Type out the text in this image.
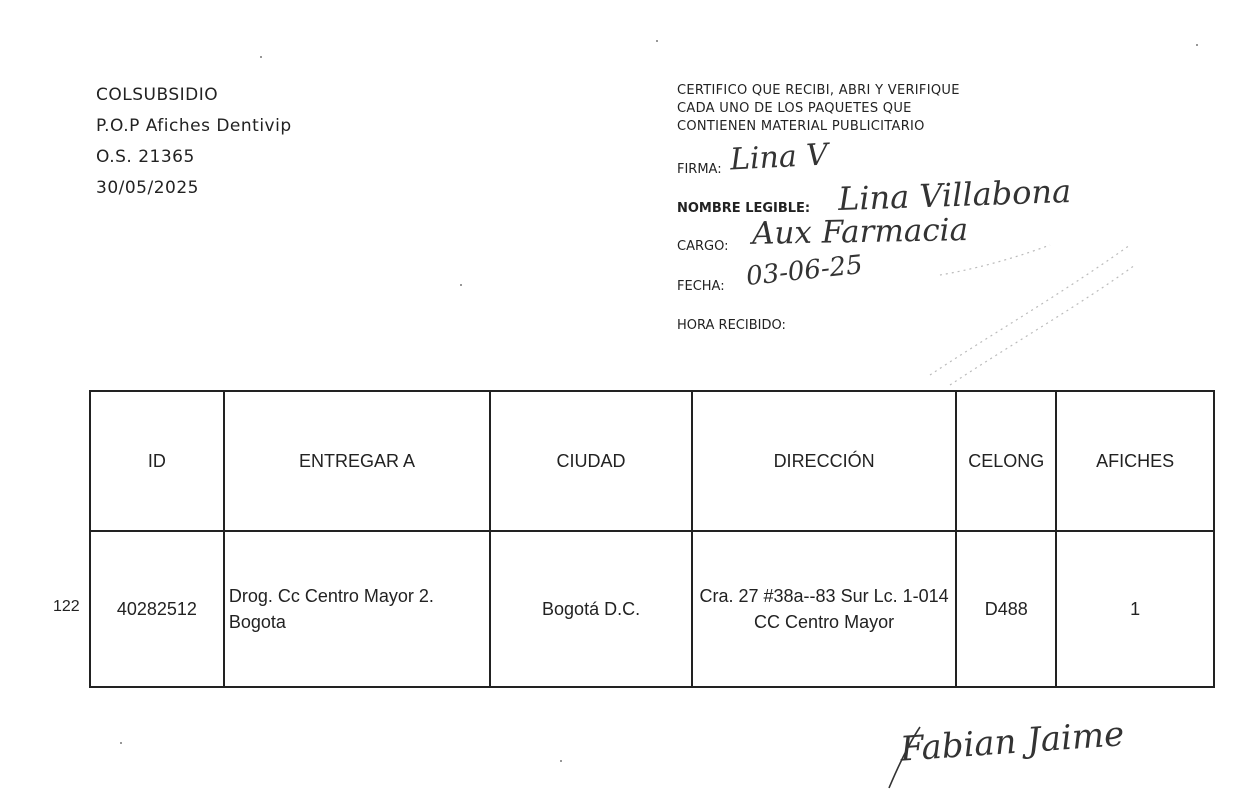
COLSUBSIDIO
P.O.P Afiches Dentivip
O.S. 21365
30/05/2025
CERTIFICO QUE RECIBI, ABRI Y VERIFIQUE
CADA UNO DE LOS PAQUETES QUE
CONTIENEN MATERIAL PUBLICITARIO
FIRMA: Lina V
NOMBRE LEGIBLE: Lina Villabona
CARGO: Aux Farmacia
FECHA: 03-06-25
HORA RECIBIDO:
122
ID	ENTREGAR A	CIUDAD	DIRECCIÓN	CELONG	AFICHES
40282512	Drog. Cc Centro Mayor 2. Bogota	Bogotá D.C.	Cra. 27 #38a--83 Sur Lc. 1-014 CC Centro Mayor	D488	1
Fabian Jaime
